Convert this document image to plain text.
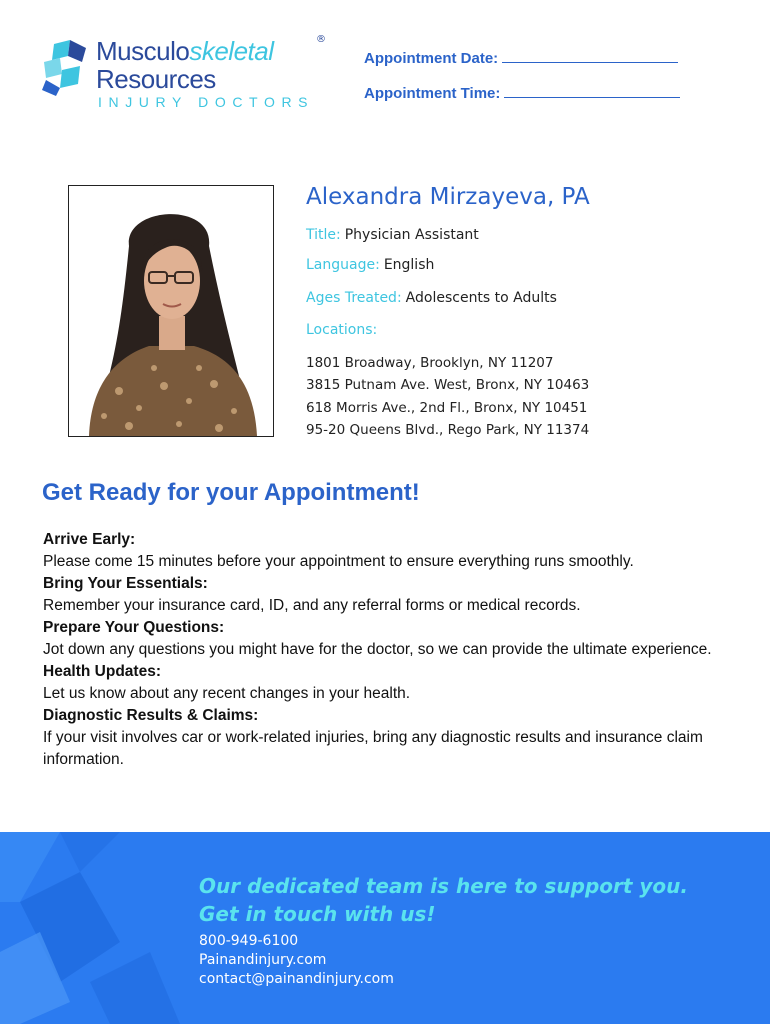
Musculoskeletal	®
Resources
INJURY DOCTORS
Appointment Date:
Appointment Time:
Alexandra Mirzayeva, PA
Title: Physician Assistant
Language: English
Ages Treated: Adolescents to Adults
Locations:
1801 Broadway, Brooklyn, NY 11207
3815 Putnam Ave. West, Bronx, NY 10463
618 Morris Ave., 2nd Fl., Bronx, NY 10451
95-20 Queens Blvd., Rego Park, NY 11374
Get Ready for your Appointment!
Arrive Early:
Please come 15 minutes before your appointment to ensure everything runs smoothly.
Bring Your Essentials:
Remember your insurance card, ID, and any referral forms or medical records.
Prepare Your Questions:
Jot down any questions you might have for the doctor, so we can provide the ultimate experience.
Health Updates:
Let us know about any recent changes in your health.
Diagnostic Results & Claims:
If your visit involves car or work-related injuries, bring any diagnostic results and insurance claim information.
Our dedicated team is here to support you.
Get in touch with us!
800-949-6100
Painandinjury.com
contact@painandinjury.com
